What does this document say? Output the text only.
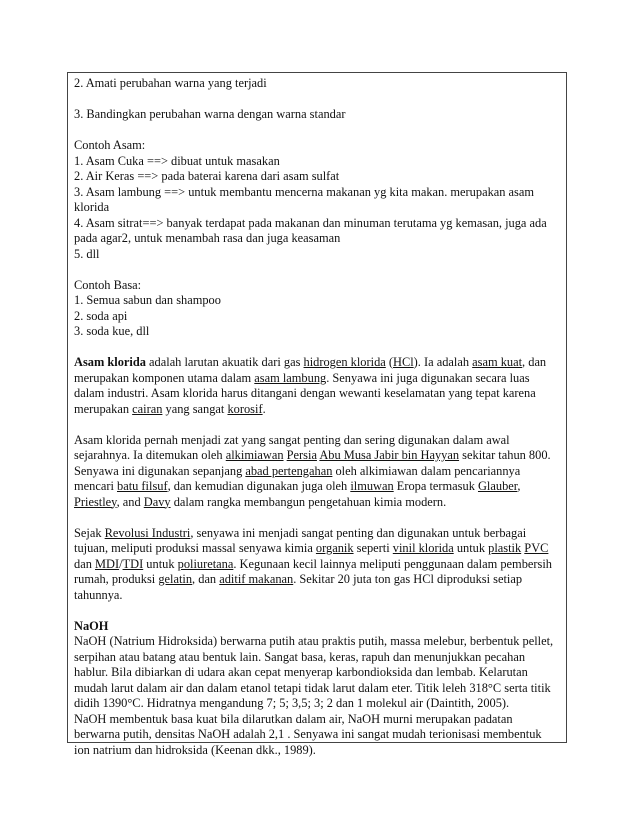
2. Amati perubahan warna yang terjadi
3. Bandingkan perubahan warna dengan warna standar
Contoh Asam:
1. Asam Cuka ==> dibuat untuk masakan
2. Air Keras ==> pada baterai karena dari asam sulfat
3. Asam lambung ==> untuk membantu mencerna makanan yg kita makan. merupakan asam
klorida
4. Asam sitrat==> banyak terdapat pada makanan dan minuman terutama yg kemasan, juga ada
pada agar2, untuk menambah rasa dan juga keasaman
5. dll
Contoh Basa:
1. Semua sabun dan shampoo
2. soda api
3. soda kue, dll
Asam klorida adalah larutan akuatik dari gas hidrogen klorida (HCl). Ia adalah asam kuat, dan
merupakan komponen utama dalam asam lambung. Senyawa ini juga digunakan secara luas
dalam industri. Asam klorida harus ditangani dengan wewanti keselamatan yang tepat karena
merupakan cairan yang sangat korosif.
Asam klorida pernah menjadi zat yang sangat penting dan sering digunakan dalam awal
sejarahnya. Ia ditemukan oleh alkimiawan Persia Abu Musa Jabir bin Hayyan sekitar tahun 800.
Senyawa ini digunakan sepanjang abad pertengahan oleh alkimiawan dalam pencariannya
mencari batu filsuf, dan kemudian digunakan juga oleh ilmuwan Eropa termasuk Glauber,
Priestley, and Davy dalam rangka membangun pengetahuan kimia modern.
Sejak Revolusi Industri, senyawa ini menjadi sangat penting dan digunakan untuk berbagai
tujuan, meliputi produksi massal senyawa kimia organik seperti vinil klorida untuk plastik PVC
dan MDI/TDI untuk poliuretana. Kegunaan kecil lainnya meliputi penggunaan dalam pembersih
rumah, produksi gelatin, dan aditif makanan. Sekitar 20 juta ton gas HCl diproduksi setiap
tahunnya.
NaOH
NaOH (Natrium Hidroksida) berwarna putih atau praktis putih, massa melebur, berbentuk pellet,
serpihan atau batang atau bentuk lain. Sangat basa, keras, rapuh dan menunjukkan pecahan
hablur. Bila dibiarkan di udara akan cepat menyerap karbondioksida dan lembab. Kelarutan
mudah larut dalam air dan dalam etanol tetapi tidak larut dalam eter. Titik leleh 318°C serta titik
didih 1390°C. Hidratnya mengandung 7; 5; 3,5; 3; 2 dan 1 molekul air (Daintith, 2005).
NaOH membentuk basa kuat bila dilarutkan dalam air, NaOH murni merupakan padatan
berwarna putih, densitas NaOH adalah 2,1 . Senyawa ini sangat mudah terionisasi membentuk
ion natrium dan hidroksida (Keenan dkk., 1989).
